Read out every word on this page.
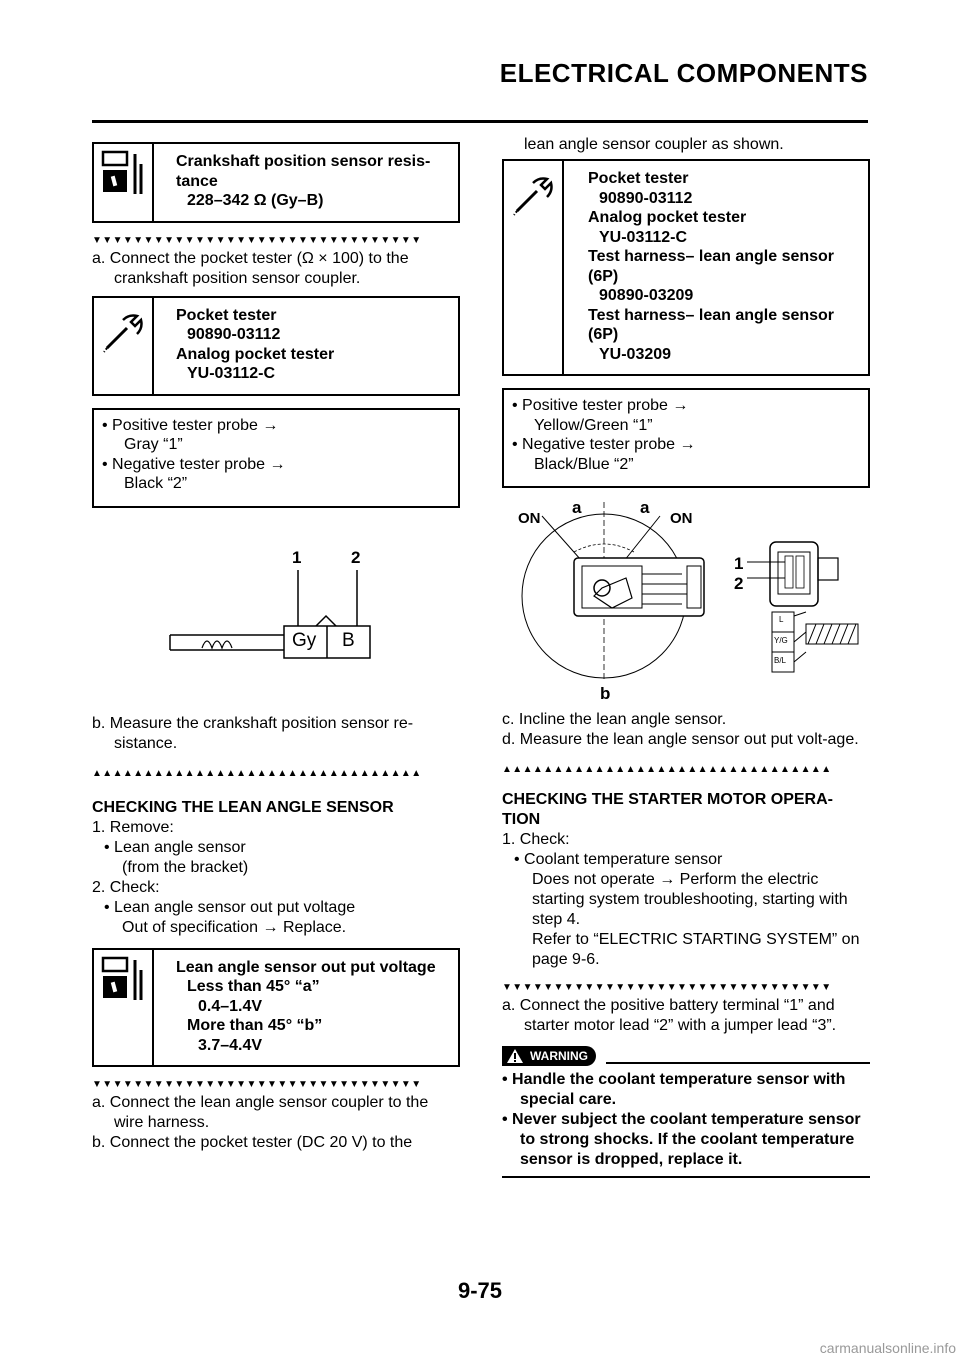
ELECTRICAL COMPONENTS
Crankshaft position sensor resis-tance
228–342 Ω (Gy–B)
▼▼▼▼▼▼▼▼▼▼▼▼▼▼▼▼▼▼▼▼▼▼▼▼▼▼▼▼▼▼▼▼

a. Connect the pocket tester (Ω × 100) to the crankshaft position sensor coupler.

Pocket tester
90890-03112
Analog pocket tester
YU-03112-C
• Positive tester probe →
Gray “1”
• Negative tester probe →
Black “2”
1	2
Gy B

b. Measure the crankshaft position sensor re-sistance.

▲▲▲▲▲▲▲▲▲▲▲▲▲▲▲▲▲▲▲▲▲▲▲▲▲▲▲▲▲▲▲▲
CHECKING THE LEAN ANGLE SENSOR

1. Remove:

• Lean angle sensor

(from the bracket)

2. Check:

• Lean angle sensor out put voltage

Out of specification → Replace.

Lean angle sensor out put voltage
Less than 45° “a”
0.4–1.4V
More than 45° “b”
3.7–4.4V
▼▼▼▼▼▼▼▼▼▼▼▼▼▼▼▼▼▼▼▼▼▼▼▼▼▼▼▼▼▼▼▼

a. Connect the lean angle sensor coupler to the wire harness.

b. Connect the pocket tester (DC 20 V) to the

lean angle sensor coupler as shown.

Pocket tester
90890-03112
Analog pocket tester
YU-03112-C
Test harness– lean angle sensor (6P)
90890-03209
Test harness– lean angle sensor (6P)
YU-03209
• Positive tester probe →
Yellow/Green “1”
• Negative tester probe →
Black/Blue “2”
ON	ON
a	a
b
1
2
L
Y/G
B/L

c. Incline the lean angle sensor.

d. Measure the lean angle sensor out put volt-age.

▲▲▲▲▲▲▲▲▲▲▲▲▲▲▲▲▲▲▲▲▲▲▲▲▲▲▲▲▲▲▲▲
CHECKING THE STARTER MOTOR OPERA-TION

1. Check:

• Coolant temperature sensor

Does not operate → Perform the electric starting system troubleshooting, starting with step 4.

Refer to “ELECTRIC STARTING SYSTEM” on page 9-6.

▼▼▼▼▼▼▼▼▼▼▼▼▼▼▼▼▼▼▼▼▼▼▼▼▼▼▼▼▼▼▼▼

a. Connect the positive battery terminal “1” and starter motor lead “2” with a jumper lead “3”.

WARNING

• Handle the coolant temperature sensor with special care.

• Never subject the coolant temperature sensor to strong shocks. If the coolant temperature sensor is dropped, replace it.

9-75
carmanualsonline.info
